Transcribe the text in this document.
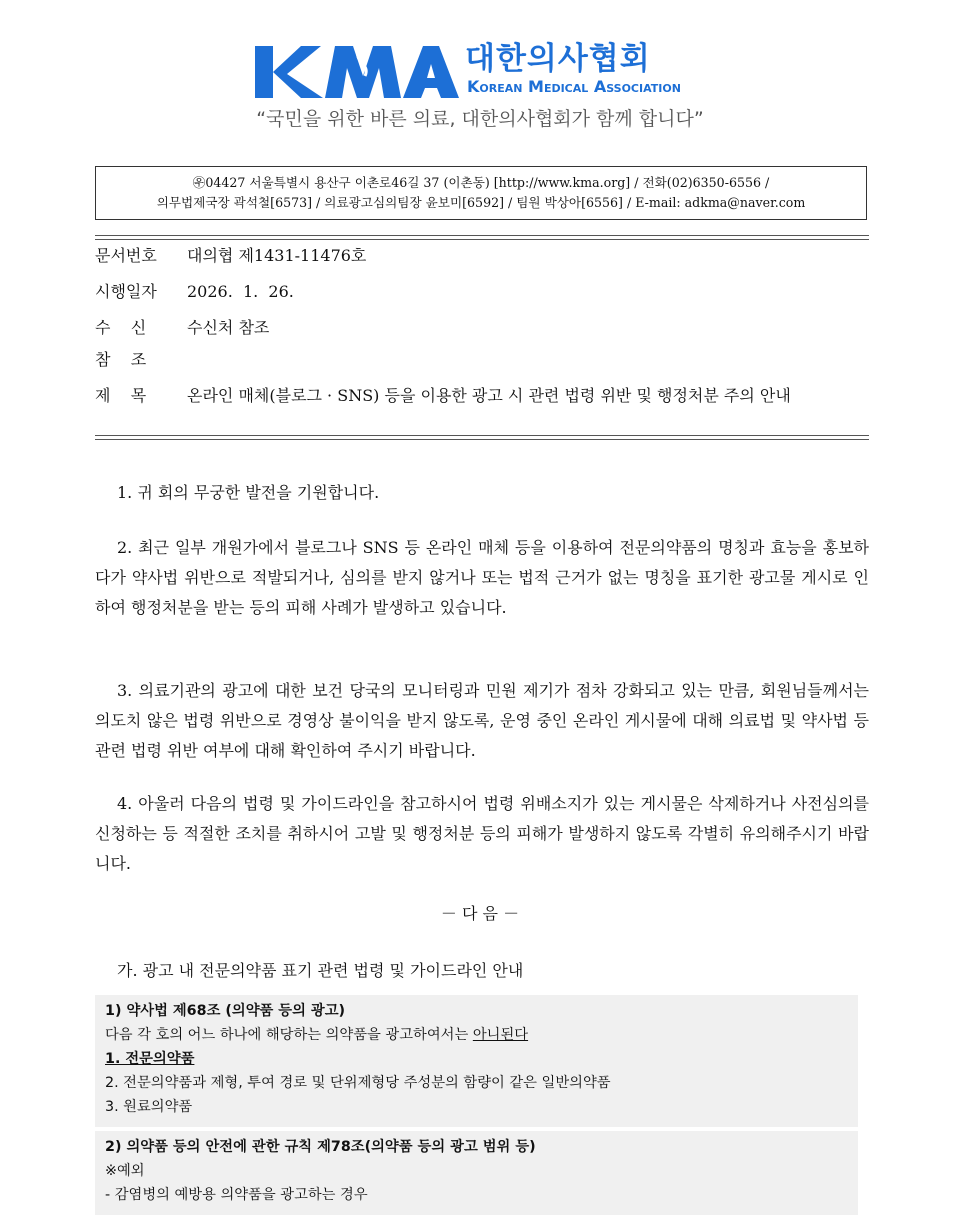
대한의사협회
Korean Medical Association
“국민을 위한 바른 의료, 대한의사협회가 함께 합니다”
㉾04427 서울특별시 용산구 이촌로46길 37 (이촌동) [http://www.kma.org] / 전화(02)6350-6556 /
의무법제국장 곽석철[6573] / 의료광고심의팀장 윤보미[6592] / 팀원 박상아[6556] / E-mail: adkma@naver.com
문서번호 대의협 제1431-11476호
시행일자 2026.  1.  26.
수    신	수신처 참조
참    조
제    목	온라인 매체(블로그 · SNS) 등을 이용한 광고 시 관련 법령 위반 및 행정처분 주의 안내

1. 귀 회의 무궁한 발전을 기원합니다.

2. 최근 일부 개원가에서 블로그나 SNS 등 온라인 매체 등을 이용하여 전문의약품의 명칭과 효능을 홍보하다가 약사법 위반으로 적발되거나, 심의를 받지 않거나 또는 법적 근거가 없는 명칭을 표기한 광고물 게시로 인하여 행정처분을 받는 등의 피해 사례가 발생하고 있습니다.

3. 의료기관의 광고에 대한 보건 당국의 모니터링과 민원 제기가 점차 강화되고 있는 만큼, 회원님들께서는 의도치 않은 법령 위반으로 경영상 불이익을 받지 않도록, 운영 중인 온라인 게시물에 대해 의료법 및 약사법 등 관련 법령 위반 여부에 대해 확인하여 주시기 바랍니다.

4. 아울러 다음의 법령 및 가이드라인을 참고하시어 법령 위배소지가 있는 게시물은 삭제하거나 사전심의를 신청하는 등 적절한 조치를 취하시어 고발 및 행정처분 등의 피해가 발생하지 않도록 각별히 유의해주시기 바랍니다.

－ 다 음 －
가. 광고 내 전문의약품 표기 관련 법령 및 가이드라인 안내
1) 약사법 제68조 (의약품 등의 광고)
다음 각 호의 어느 하나에 해당하는 의약품을 광고하여서는 아니된다
1. 전문의약품
2. 전문의약품과 제형, 투여 경로 및 단위제형당 주성분의 함량이 같은 일반의약품
3. 원료의약품
2) 의약품 등의 안전에 관한 규칙 제78조(의약품 등의 광고 범위 등)
※예외
- 감염병의 예방용 의약품을 광고하는 경우
